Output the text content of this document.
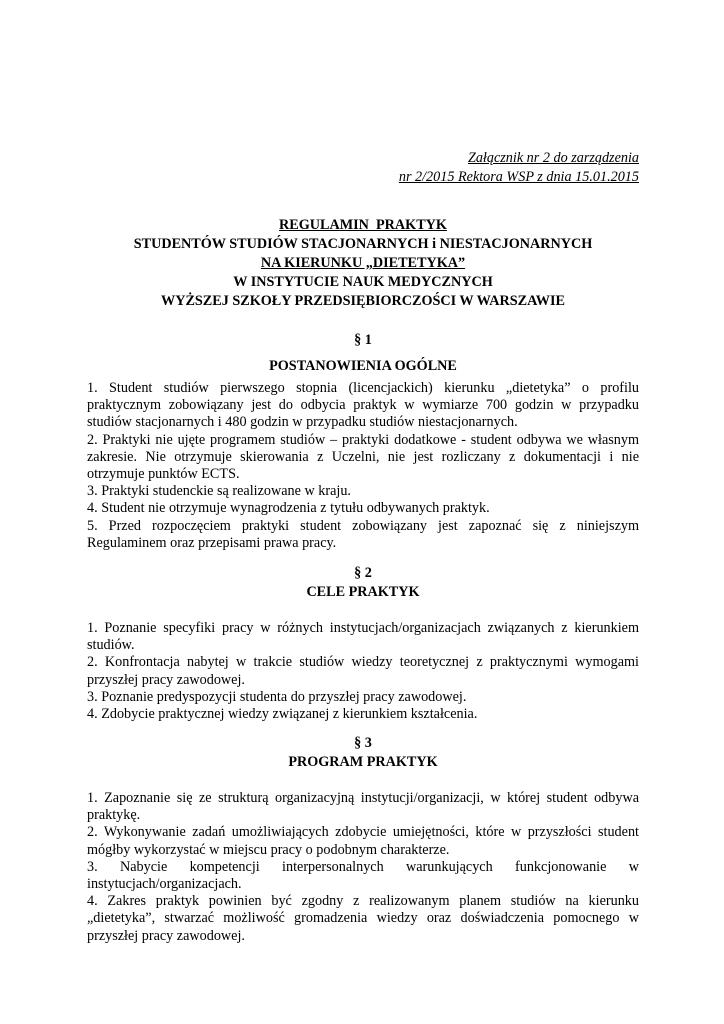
Załącznik nr 2 do zarządzenia
nr 2/2015 Rektora WSP z dnia 15.01.2015
REGULAMIN  PRAKTYK
STUDENTÓW STUDIÓW STACJONARNYCH i NIESTACJONARNYCH
NA KIERUNKU „DIETETYKA”
W INSTYTUCIE NAUK MEDYCZNYCH
WYŻSZEJ SZKOŁY PRZEDSIĘBIORCZOŚCI W WARSZAWIE
§ 1
POSTANOWIENIA OGÓLNE

1. Student studiów pierwszego stopnia (licencjackich) kierunku „dietetyka” o profilu praktycznym zobowiązany jest do odbycia praktyk w wymiarze 700 godzin w przypadku studiów stacjonarnych i 480 godzin w przypadku studiów niestacjonarnych.

2. Praktyki nie ujęte programem studiów – praktyki dodatkowe - student odbywa we własnym zakresie. Nie otrzymuje skierowania z Uczelni, nie jest rozliczany z dokumentacji i nie otrzymuje punktów ECTS.

3. Praktyki studenckie są realizowane w kraju.

4. Student nie otrzymuje wynagrodzenia z tytułu odbywanych praktyk.

5. Przed rozpoczęciem praktyki student zobowiązany jest zapoznać się z niniejszym Regulaminem oraz przepisami prawa pracy.

§ 2
CELE PRAKTYK

1. Poznanie specyfiki pracy w różnych instytucjach/organizacjach związanych z kierunkiem studiów.

2. Konfrontacja nabytej w trakcie studiów wiedzy teoretycznej z praktycznymi wymogami przyszłej pracy zawodowej.

3. Poznanie predyspozycji studenta do przyszłej pracy zawodowej.

4. Zdobycie praktycznej wiedzy związanej z kierunkiem kształcenia.

§ 3
PROGRAM PRAKTYK

1. Zapoznanie się ze strukturą organizacyjną instytucji/organizacji, w której student odbywa praktykę.

2. Wykonywanie zadań umożliwiających zdobycie umiejętności, które w przyszłości student mógłby wykorzystać w miejscu pracy o podobnym charakterze.

3. Nabycie kompetencji interpersonalnych warunkujących funkcjonowanie w instytucjach/organizacjach.

4. Zakres praktyk powinien być zgodny z realizowanym planem studiów na kierunku „dietetyka”, stwarzać możliwość gromadzenia wiedzy oraz doświadczenia pomocnego w przyszłej pracy zawodowej.
